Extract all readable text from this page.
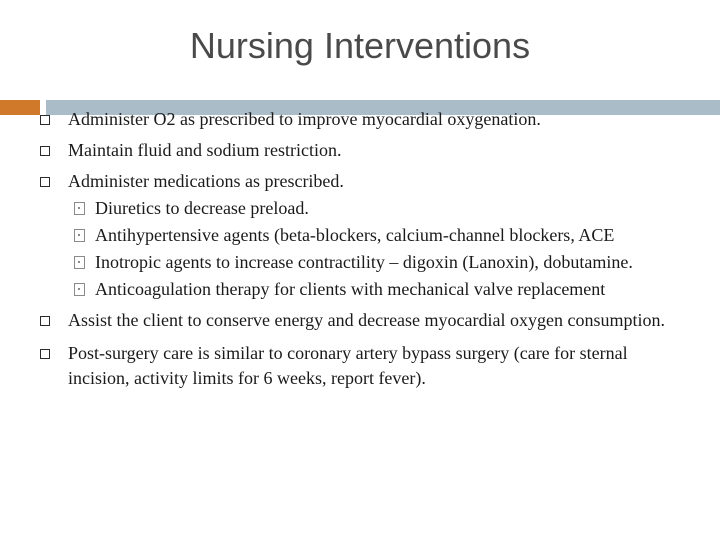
Nursing Interventions
Administer O2 as prescribed to improve myocardial oxygenation.
Maintain fluid and sodium restriction.
Administer medications as prescribed.
Diuretics to decrease preload.
Antihypertensive agents (beta-blockers, calcium-channel blockers, ACE
Inotropic agents to increase contractility – digoxin (Lanoxin), dobutamine.
Anticoagulation therapy for clients with mechanical valve replacement
Assist the client to conserve energy and decrease myocardial oxygen consumption.
Post-surgery care is similar to coronary artery bypass surgery (care for sternal incision, activity limits for 6 weeks, report fever).
